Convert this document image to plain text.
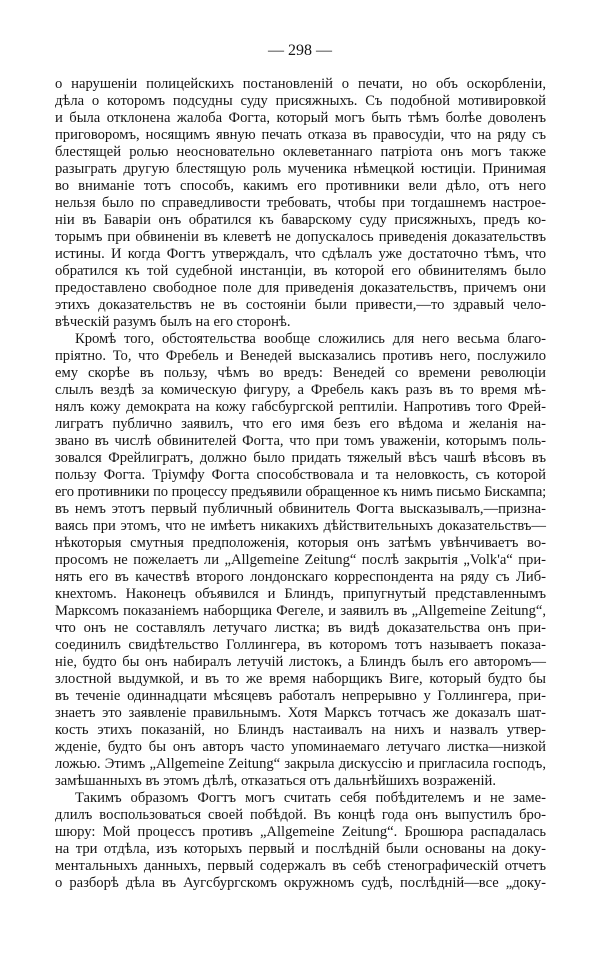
— 298 —
о нарушенiи полицейскихъ постановленiй о печати, но объ оскорбленiи,
дѣла о которомъ подсудны суду присяжныхъ. Съ подобной мотивировкой
и была отклонена жалоба Фогта, который могъ быть тѣмъ болѣе доволенъ
приговоромъ, носящимъ явную печать отказа въ правосудiи, что на ряду съ
блестящей ролью неосновательно оклеветаннаго патрiота онъ могъ также
разыграть другую блестящую роль мученика нѣмецкой юстицiи. Принимая
во вниманiе тотъ способъ, какимъ его противники вели дѣло, отъ него
нельзя было по справедливости требовать, чтобы при тогдашнемъ настрое-
нiи въ Баварiи онъ обратился къ баварскому суду присяжныхъ, предъ ко-
торымъ при обвиненiи въ клеветѣ не допускалось приведенiя доказательствъ
истины. И когда Фогтъ утверждалъ, что сдѣлалъ уже достаточно тѣмъ, что
обратился къ той судебной инстанцiи, въ которой его обвинителямъ было
предоставлено свободное поле для приведенiя доказательствъ, причемъ они
этихъ доказательствъ не въ состоянiи были привести,—то здравый чело-
вѣческiй разумъ былъ на его сторонѣ.
Кромѣ того, обстоятельства вообще сложились для него весьма благо-
прiятно. То, что Фребель и Венедей высказались противъ него, послужило
ему скорѣе въ пользу, чѣмъ во вредъ: Венедей со времени революцiи
слылъ вездѣ за комическую фигуру, а Фребель какъ разъ въ то время мѣ-
нялъ кожу демократа на кожу габсбургской рептилiи. Напротивъ того Фрей-
лигратъ публично заявилъ, что его имя безъ его вѣдома и желанiя на-
звано въ числѣ обвинителей Фогта, что при томъ уваженiи, которымъ поль-
зовался Фрейлигратъ, должно было придать тяжелый вѣсъ чашѣ вѣсовъ въ
пользу Фогта. Трiумфу Фогта способствовала и та неловкость, съ которой
его противники по процессу предъявили обращенное къ нимъ письмо Бискампа;
въ немъ этотъ первый публичный обвинитель Фогта высказывалъ,—призна-
ваясь при этомъ, что не имѣетъ никакихъ дѣйствительныхъ доказательствъ—
нѣкоторыя смутныя предположенiя, которыя онъ затѣмъ увѣнчиваетъ во-
просомъ не пожелаетъ ли „Allgemeine Zeitung“ послѣ закрытiя „Volk'a“ при-
нять его въ качествѣ второго лондонскаго корреспондента на ряду съ Либ-
кнехтомъ. Наконецъ объявился и Блиндъ, припугнутый представленнымъ
Марксомъ показанiемъ наборщика Фегеле, и заявилъ въ „Allgemeine Zeitung“,
что онъ не составлялъ летучаго листка; въ видѣ доказательства онъ при-
соединилъ свидѣтельство Голлингера, въ которомъ тотъ называетъ показа-
нiе, будто бы онъ набиралъ летучiй листокъ, а Блиндъ былъ его авторомъ—
злостной выдумкой, и въ то же время наборщикъ Виге, который будто бы
въ теченiе одиннадцати мѣсяцевъ работалъ непрерывно у Голлингера, при-
знаетъ это заявленiе правильнымъ. Хотя Марксъ тотчасъ же доказалъ шат-
кость этихъ показанiй, но Блиндъ настаивалъ на нихъ и назвалъ утвер-
жденiе, будто бы онъ авторъ часто упоминаемаго летучаго листка—низкой
ложью. Этимъ „Allgemeine Zeitung“ закрыла дискуссiю и пригласила господъ,
замѣшанныхъ въ этомъ дѣлѣ, отказаться отъ дальнѣйшихъ возраженiй.
Такимъ образомъ Фогтъ могъ считать себя побѣдителемъ и не заме-
длилъ воспользоваться своей побѣдой. Въ концѣ года онъ выпустилъ бро-
шюру: Мой процессъ противъ „Allgemeine Zeitung“. Брошюра распадалась
на три отдѣла, изъ которыхъ первый и послѣднiй были основаны на доку-
ментальныхъ данныхъ, первый содержалъ въ себѣ стенографическiй отчетъ
о разборѣ дѣла въ Аугсбургскомъ окружномъ судѣ, послѣднiй—все „доку-
